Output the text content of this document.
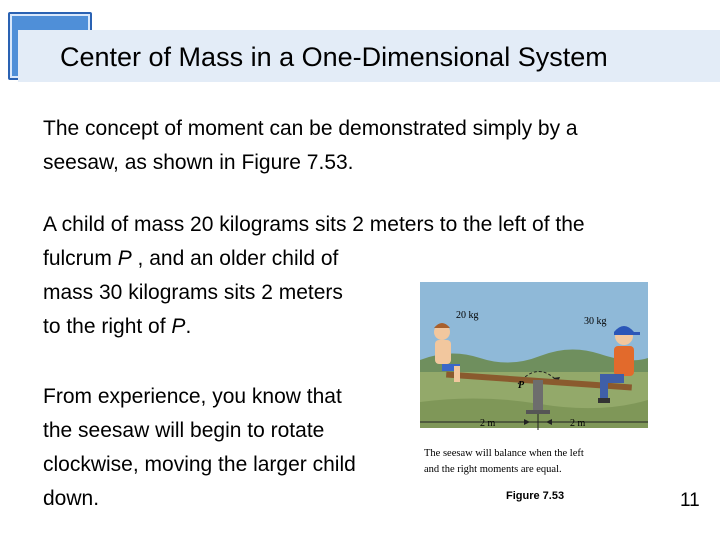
Center of Mass in a One-Dimensional System
The concept of moment can be demonstrated simply by a
seesaw, as shown in Figure 7.53.
A child of mass 20 kilograms sits 2 meters to the left of the
fulcrum P , and an older child of
mass 30 kilograms sits 2 meters
to the right of P.
From experience, you know that
the seesaw will begin to rotate
clockwise, moving the larger child
down.
20 kg
30 kg
P
2 m	2 m
The seesaw will balance when the left
and the right moments are equal.
Figure 7.53	11
